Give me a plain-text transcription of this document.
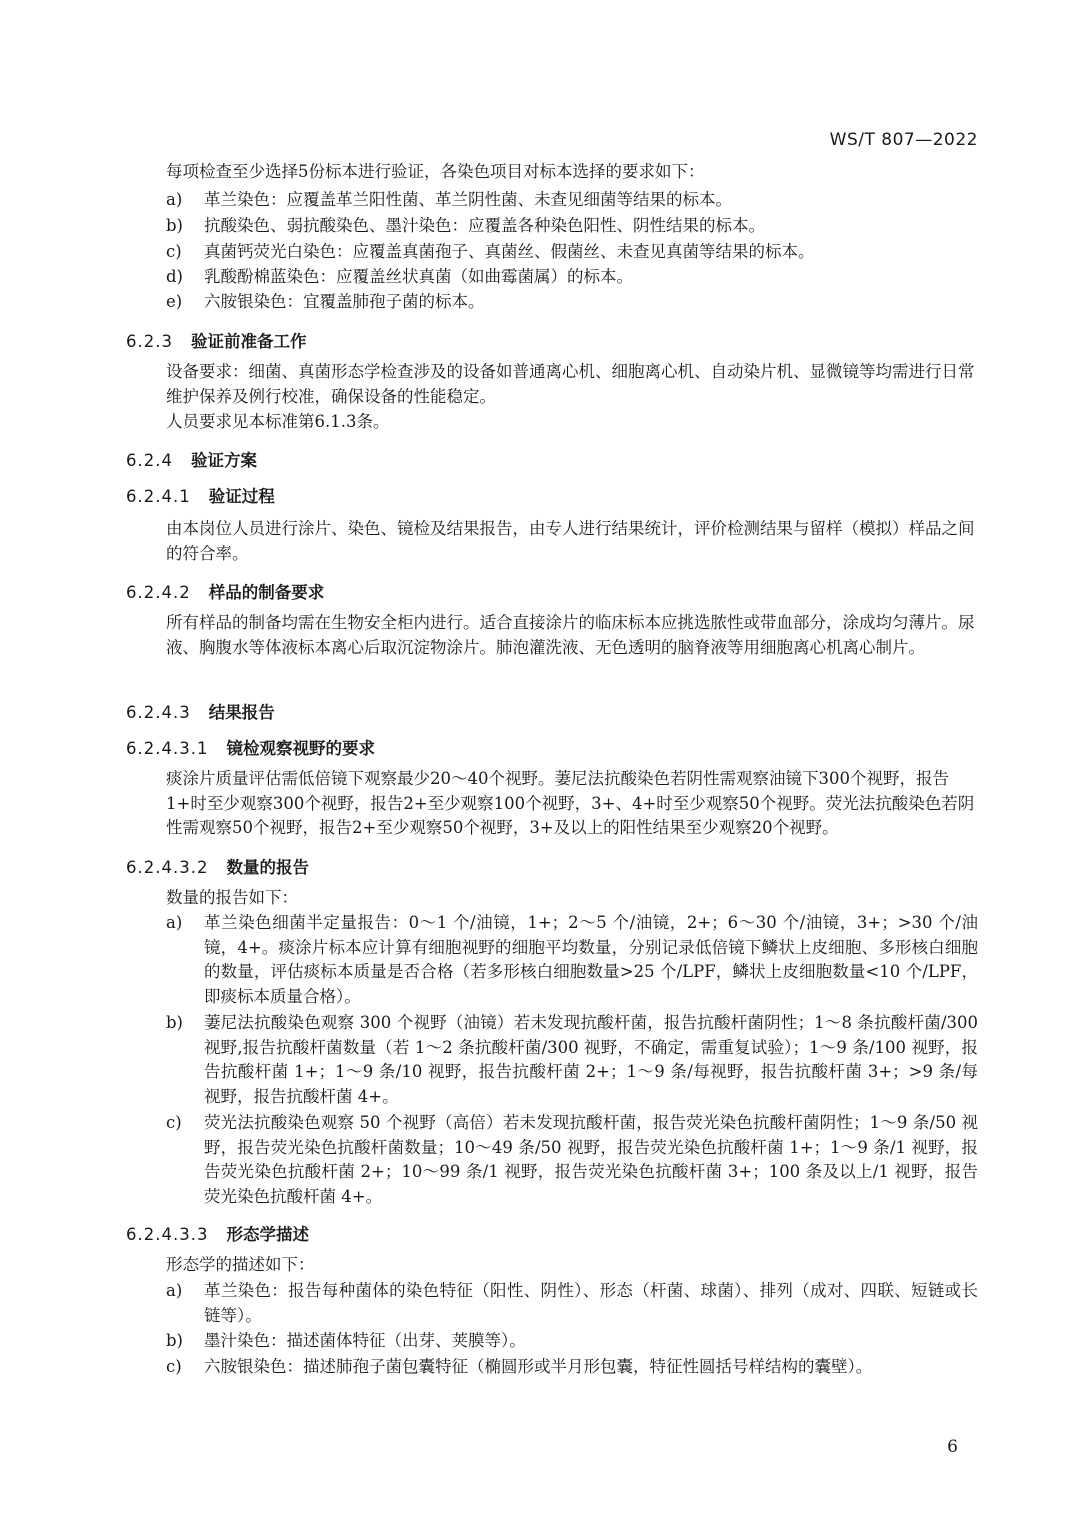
WS/T 807—2022
每项检查至少选择5份标本进行验证，各染色项目对标本选择的要求如下：
a)	革兰染色：应覆盖革兰阳性菌、革兰阴性菌、未查见细菌等结果的标本。
b)	抗酸染色、弱抗酸染色、墨汁染色：应覆盖各种染色阳性、阴性结果的标本。
c)	真菌钙荧光白染色：应覆盖真菌孢子、真菌丝、假菌丝、未查见真菌等结果的标本。
d)	乳酸酚棉蓝染色：应覆盖丝状真菌（如曲霉菌属）的标本。
e)	六胺银染色：宜覆盖肺孢子菌的标本。
6.2.3 验证前准备工作
设备要求：细菌、真菌形态学检查涉及的设备如普通离心机、细胞离心机、自动染片机、显微镜等均需进行日常维护保养及例行校准，确保设备的性能稳定。
人员要求见本标准第6.1.3条。
6.2.4 验证方案
6.2.4.1 验证过程
由本岗位人员进行涂片、染色、镜检及结果报告，由专人进行结果统计，评价检测结果与留样（模拟）样品之间的符合率。
6.2.4.2 样品的制备要求
所有样品的制备均需在生物安全柜内进行。适合直接涂片的临床标本应挑选脓性或带血部分，涂成均匀薄片。尿液、胸腹水等体液标本离心后取沉淀物涂片。肺泡灌洗液、无色透明的脑脊液等用细胞离心机离心制片。
6.2.4.3 结果报告
6.2.4.3.1 镜检观察视野的要求
痰涂片质量评估需低倍镜下观察最少20～40个视野。萋尼法抗酸染色若阴性需观察油镜下300个视野，报告1+时至少观察300个视野，报告2+至少观察100个视野，3+、4+时至少观察50个视野。荧光法抗酸染色若阴性需观察50个视野，报告2+至少观察50个视野，3+及以上的阳性结果至少观察20个视野。
6.2.4.3.2 数量的报告
数量的报告如下：
a)	革兰染色细菌半定量报告：0～1 个/油镜，1+；2～5 个/油镜，2+；6～30 个/油镜，3+；>30 个/油镜，4+。痰涂片标本应计算有细胞视野的细胞平均数量，分别记录低倍镜下鳞状上皮细胞、多形核白细胞的数量，评估痰标本质量是否合格（若多形核白细胞数量>25 个/LPF，鳞状上皮细胞数量<10 个/LPF，即痰标本质量合格）。
b)	萋尼法抗酸染色观察 300 个视野（油镜）若未发现抗酸杆菌，报告抗酸杆菌阴性；1～8 条抗酸杆菌/300 视野,报告抗酸杆菌数量（若 1～2 条抗酸杆菌/300 视野，不确定，需重复试验）；1～9 条/100 视野，报告抗酸杆菌 1+；1～9 条/10 视野，报告抗酸杆菌 2+；1～9 条/每视野，报告抗酸杆菌 3+；>9 条/每视野，报告抗酸杆菌 4+。
c)	荧光法抗酸染色观察 50 个视野（高倍）若未发现抗酸杆菌，报告荧光染色抗酸杆菌阴性；1～9 条/50 视野，报告荧光染色抗酸杆菌数量；10～49 条/50 视野，报告荧光染色抗酸杆菌 1+；1～9 条/1 视野，报告荧光染色抗酸杆菌 2+；10～99 条/1 视野，报告荧光染色抗酸杆菌 3+；100 条及以上/1 视野，报告荧光染色抗酸杆菌 4+。
6.2.4.3.3 形态学描述
形态学的描述如下：
a)	革兰染色：报告每种菌体的染色特征（阳性、阴性）、形态（杆菌、球菌）、排列（成对、四联、短链或长链等）。
b)	墨汁染色：描述菌体特征（出芽、荚膜等）。
c)	六胺银染色：描述肺孢子菌包囊特征（椭圆形或半月形包囊，特征性圆括号样结构的囊壁）。
6
